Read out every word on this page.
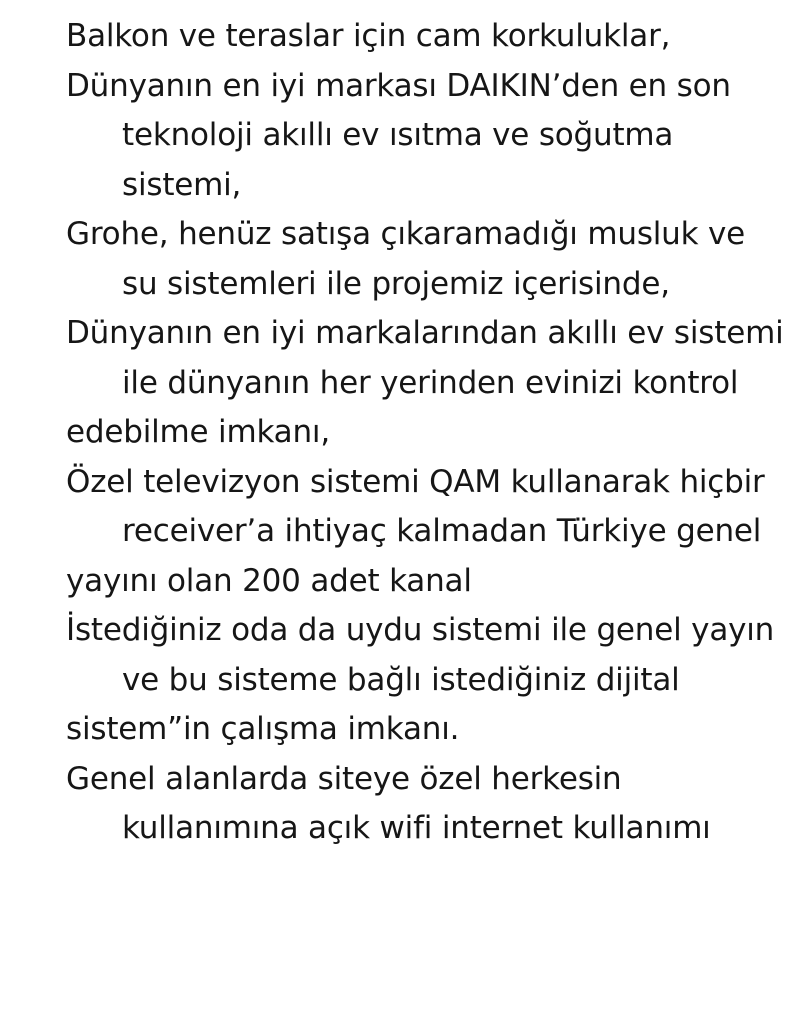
Balkon ve teraslar için cam korkuluklar,

Dünyanın en iyi markası DAIKIN’den en son teknoloji akıllı ev ısıtma ve soğutma sistemi,

Grohe, henüz satışa çıkaramadığı musluk ve su sistemleri ile projemiz içerisinde,

Dünyanın en iyi markalarından akıllı ev sistemi ile dünyanın her yerinden evinizi kontrol

edebilme imkanı,

Özel televizyon sistemi QAM kullanarak hiçbir receiver’a ihtiyaç kalmadan Türkiye genel

yayını olan 200 adet kanal

İstediğiniz oda da uydu sistemi ile genel yayın ve bu sisteme bağlı istediğiniz dijital

sistem”in çalışma imkanı.

Genel alanlarda siteye özel herkesin kullanımına açık wifi internet kullanımı
